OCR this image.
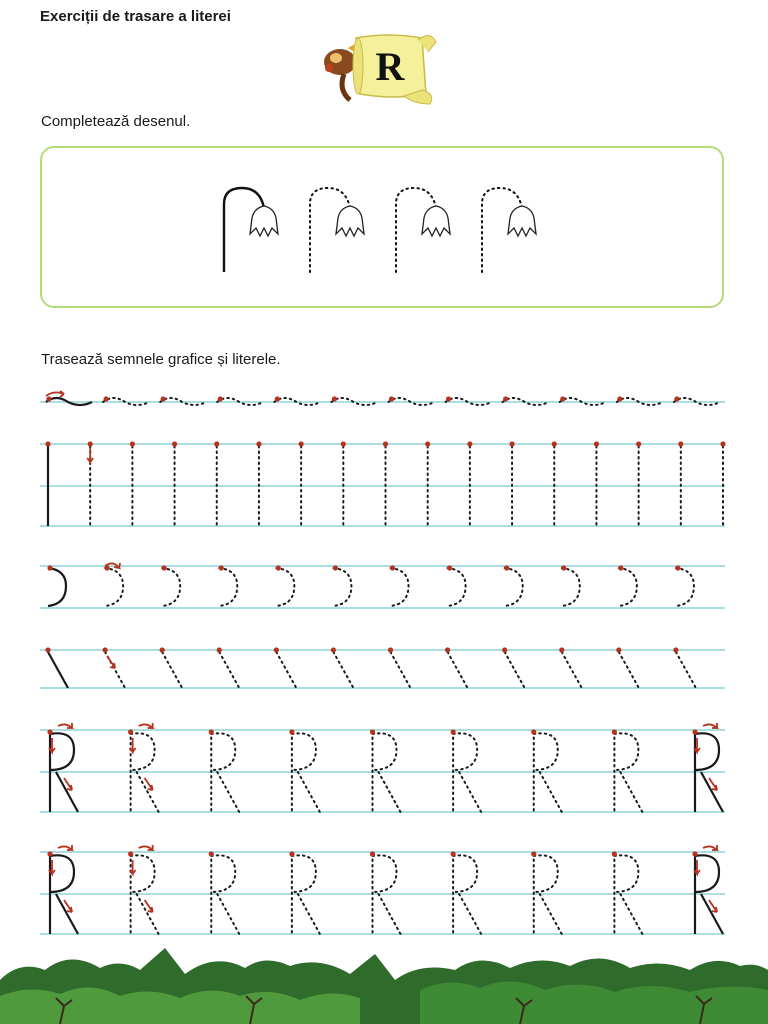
Exerciții de trasare a literei
R
Completează desenul.
Trasează semnele grafice și literele.
